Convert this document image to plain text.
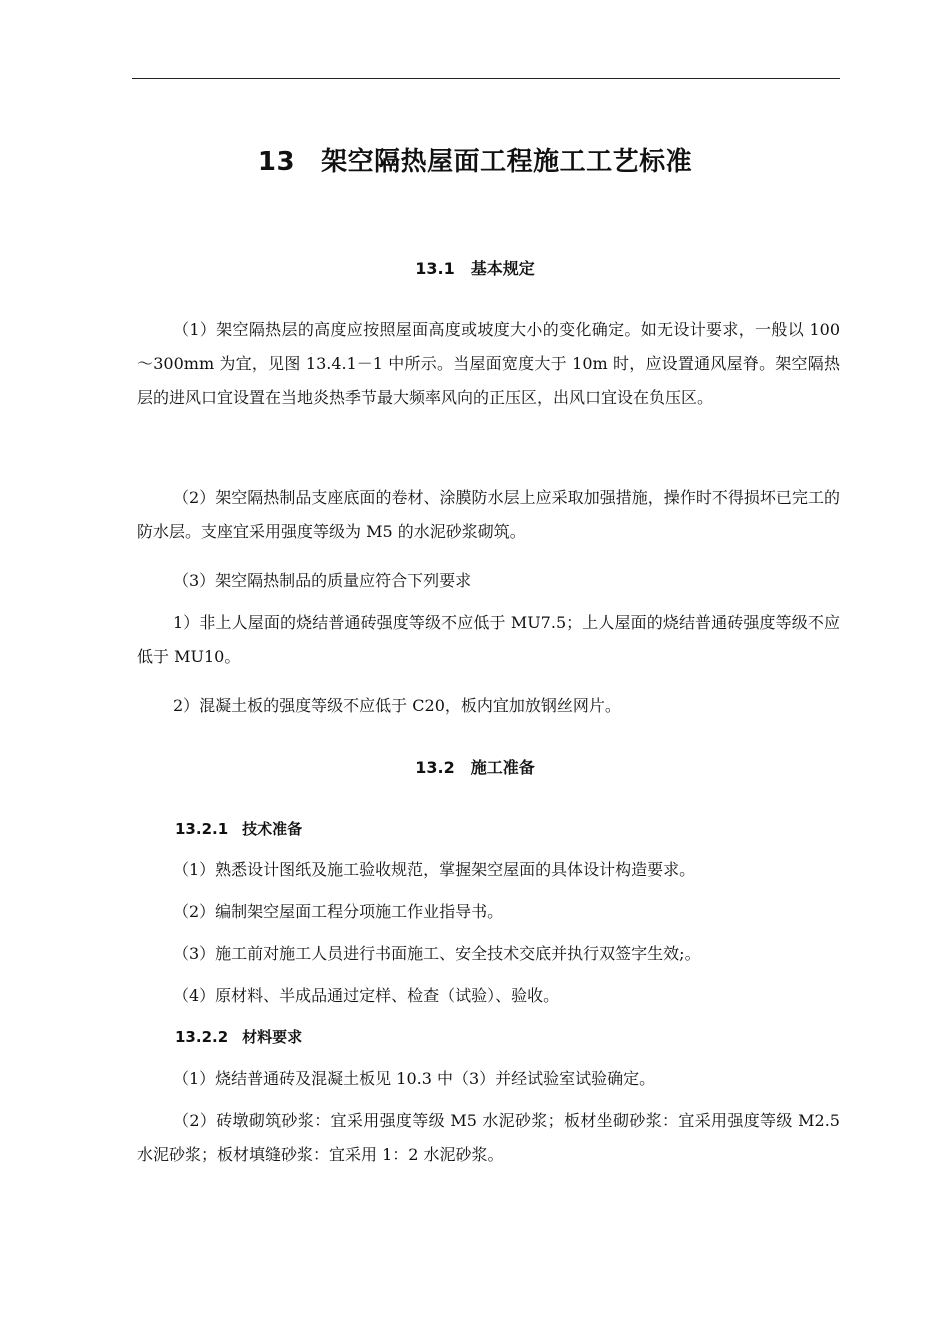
13 架空隔热屋面工程施工工艺标准
13.1 基本规定

（1）架空隔热层的高度应按照屋面高度或坡度大小的变化确定。如无设计要求，一般以 100～300mm 为宜，见图 13.4.1－1 中所示。当屋面宽度大于 10m 时，应设置通风屋脊。架空隔热层的进风口宜设置在当地炎热季节最大频率风向的正压区，出风口宜设在负压区。

（2）架空隔热制品支座底面的卷材、涂膜防水层上应采取加强措施，操作时不得损坏已完工的防水层。支座宜采用强度等级为 M5 的水泥砂浆砌筑。

（3）架空隔热制品的质量应符合下列要求

1）非上人屋面的烧结普通砖强度等级不应低于 MU7.5；上人屋面的烧结普通砖强度等级不应低于 MU10。

2）混凝土板的强度等级不应低于 C20，板内宜加放钢丝网片。

13.2 施工准备
13.2.1 技术准备

（1）熟悉设计图纸及施工验收规范，掌握架空屋面的具体设计构造要求。

（2）编制架空屋面工程分项施工作业指导书。

（3）施工前对施工人员进行书面施工、安全技术交底并执行双签字生效;。

（4）原材料、半成品通过定样、检查（试验）、验收。

13.2.2 材料要求

（1）烧结普通砖及混凝土板见 10.3 中（3）并经试验室试验确定。

（2）砖墩砌筑砂浆：宜采用强度等级 M5 水泥砂浆；板材坐砌砂浆：宜采用强度等级 M2.5 水泥砂浆；板材填缝砂浆：宜采用 1：2 水泥砂浆。
